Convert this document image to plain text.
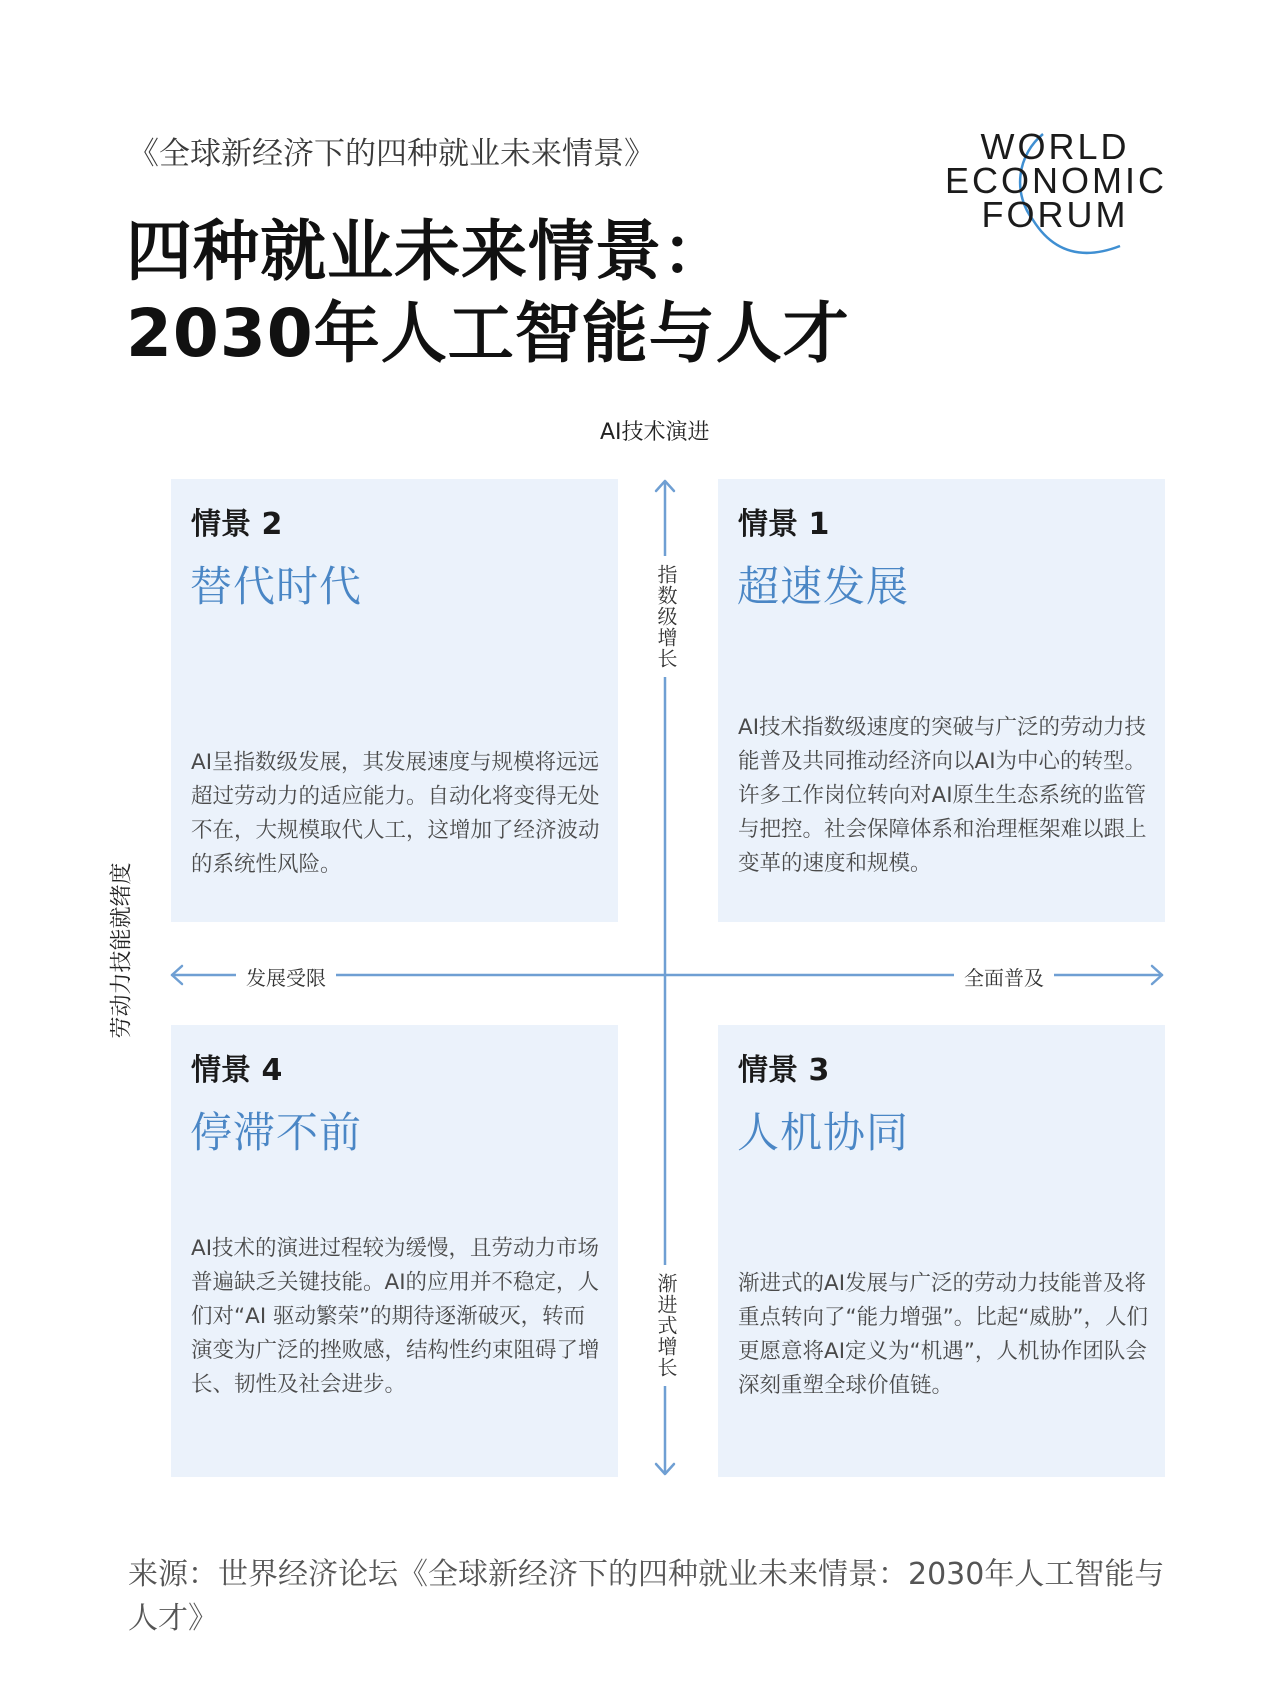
《全球新经济下的四种就业未来情景》
四种就业未来情景：
2030年人工智能与人才
WORLD
ECONOMIC
FORUM
AI技术演进
劳动力技能就绪度
情景 2
替代时代
AI呈指数级发展，其发展速度与规模将远远超过劳动力的适应能力。自动化将变得无处不在，大规模取代人工，这增加了经济波动的系统性风险。
情景 1
超速发展
AI技术指数级速度的突破与广泛的劳动力技能普及共同推动经济向以AI为中心的转型。许多工作岗位转向对AI原生生态系统的监管与把控。社会保障体系和治理框架难以跟上变革的速度和规模。
情景 4
停滞不前
AI技术的演进过程较为缓慢，且劳动力市场普遍缺乏关键技能。AI的应用并不稳定，人们对“AI 驱动繁荣”的期待逐渐破灭，转而演变为广泛的挫败感，结构性约束阻碍了增长、韧性及社会进步。
情景 3
人机协同
渐进式的AI发展与广泛的劳动力技能普及将重点转向了“能力增强”。比起“威胁”，人们更愿意将AI定义为“机遇”，人机协作团队会深刻重塑全球价值链。
指数级增长
渐进式增长
发展受限	全面普及
来源：世界经济论坛《全球新经济下的四种就业未来情景：2030年人工智能与人才》
